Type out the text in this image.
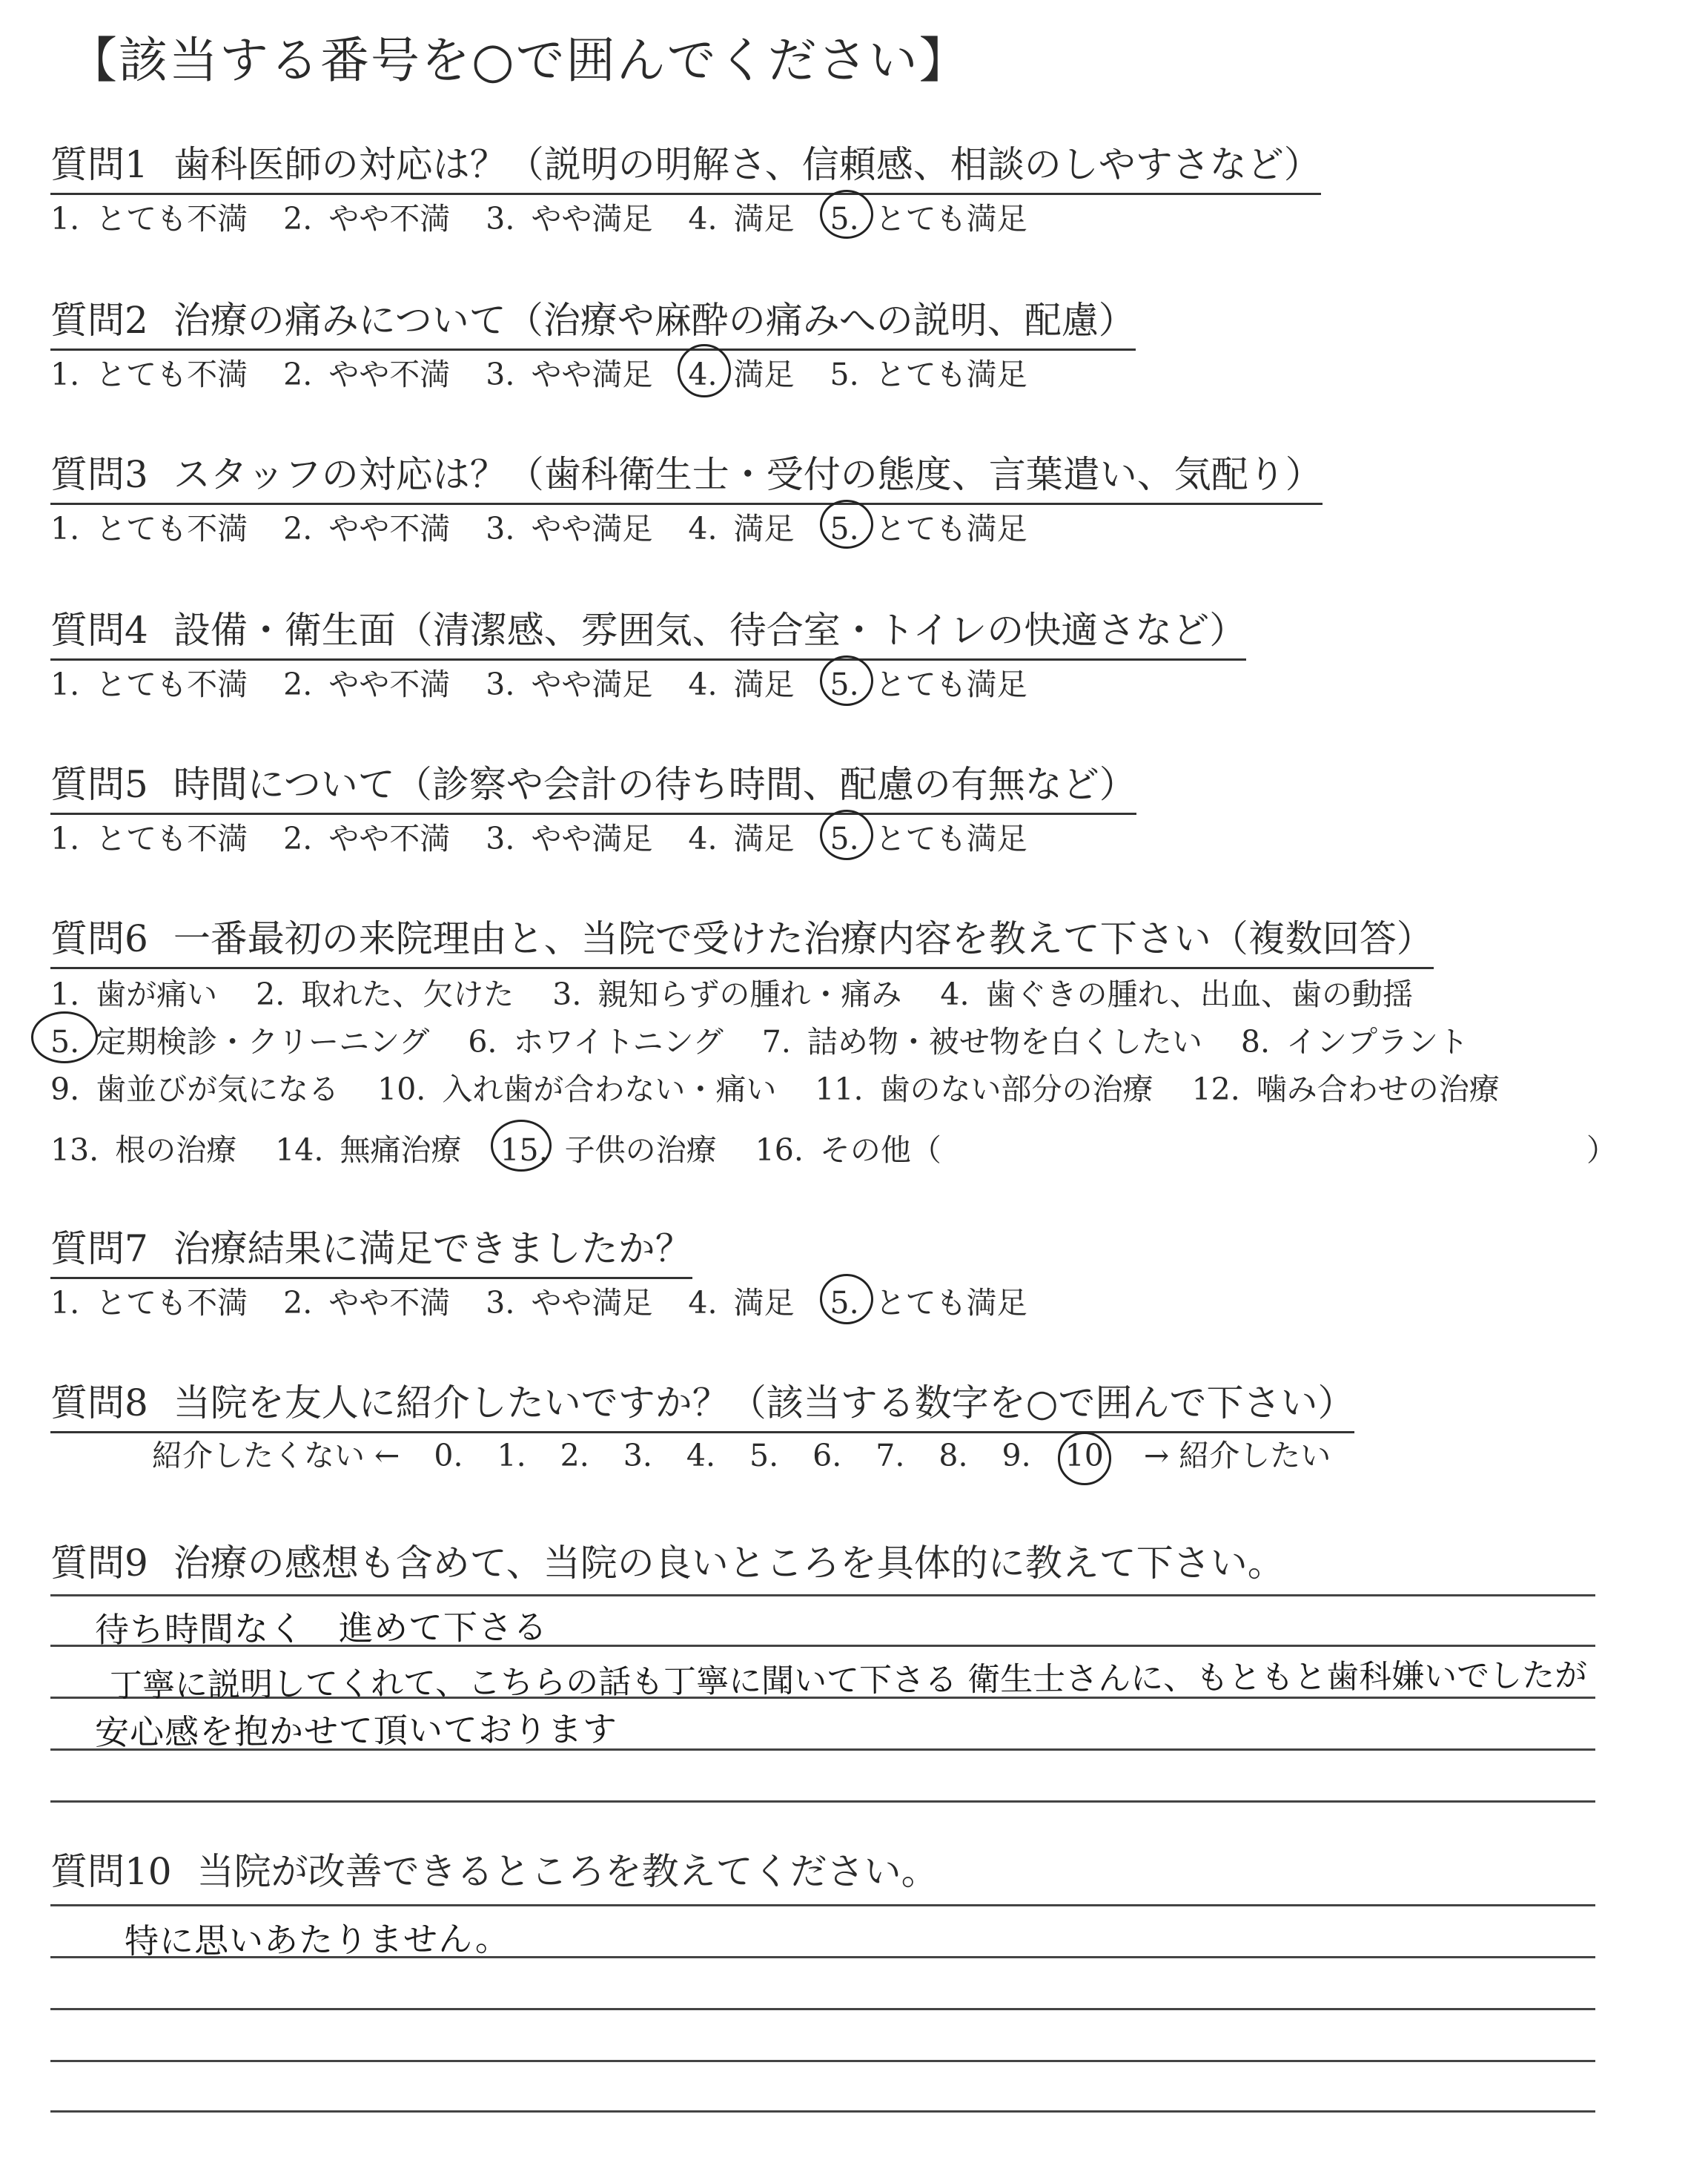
【該当する番号を○で囲んでください】
質問1 歯科医師の対応は？（説明の明解さ、信頼感、相談のしやすさなど）
1. とても不満 2. やや不満 3. やや満足 4. 満足 5. とても満足
質問2 治療の痛みについて（治療や麻酔の痛みへの説明、配慮）
1. とても不満 2. やや不満 3. やや満足 4. 満足 5. とても満足
質問3 スタッフの対応は？（歯科衛生士・受付の態度、言葉遣い、気配り）
1. とても不満 2. やや不満 3. やや満足 4. 満足 5. とても満足
質問4 設備・衛生面（清潔感、雰囲気、待合室・トイレの快適さなど）
1. とても不満 2. やや不満 3. やや満足 4. 満足 5. とても満足
質問5 時間について（診察や会計の待ち時間、配慮の有無など）
1. とても不満 2. やや不満 3. やや満足 4. 満足 5. とても満足
質問6 一番最初の来院理由と、当院で受けた治療内容を教えて下さい（複数回答）
1. 歯が痛い 2. 取れた、欠けた 3. 親知らずの腫れ・痛み 4. 歯ぐきの腫れ、出血、歯の動揺
5. 定期検診・クリーニング 6. ホワイトニング 7. 詰め物・被せ物を白くしたい 8. インプラント
9. 歯並びが気になる 10. 入れ歯が合わない・痛い 11. 歯のない部分の治療 12. 噛み合わせの治療
13. 根の治療 14. 無痛治療 15. 子供の治療 16. その他（	）
質問7 治療結果に満足できましたか？
1. とても不満 2. やや不満 3. やや満足 4. 満足 5. とても満足
質問8 当院を友人に紹介したいですか？（該当する数字を○で囲んで下さい）
紹介したくない ← 0. 1. 2. 3. 4. 5. 6. 7. 8. 9. 10 → 紹介したい
質問9 治療の感想も含めて、当院の良いところを具体的に教えて下さい。
待ち時間なく　進めて下さる
丁寧に説明してくれて、こちらの話も丁寧に聞いて下さる 衛生士さんに、もともと歯科嫌いでしたが
安心感を抱かせて頂いております
質問10 当院が改善できるところを教えてください。
特に思いあたりません。
